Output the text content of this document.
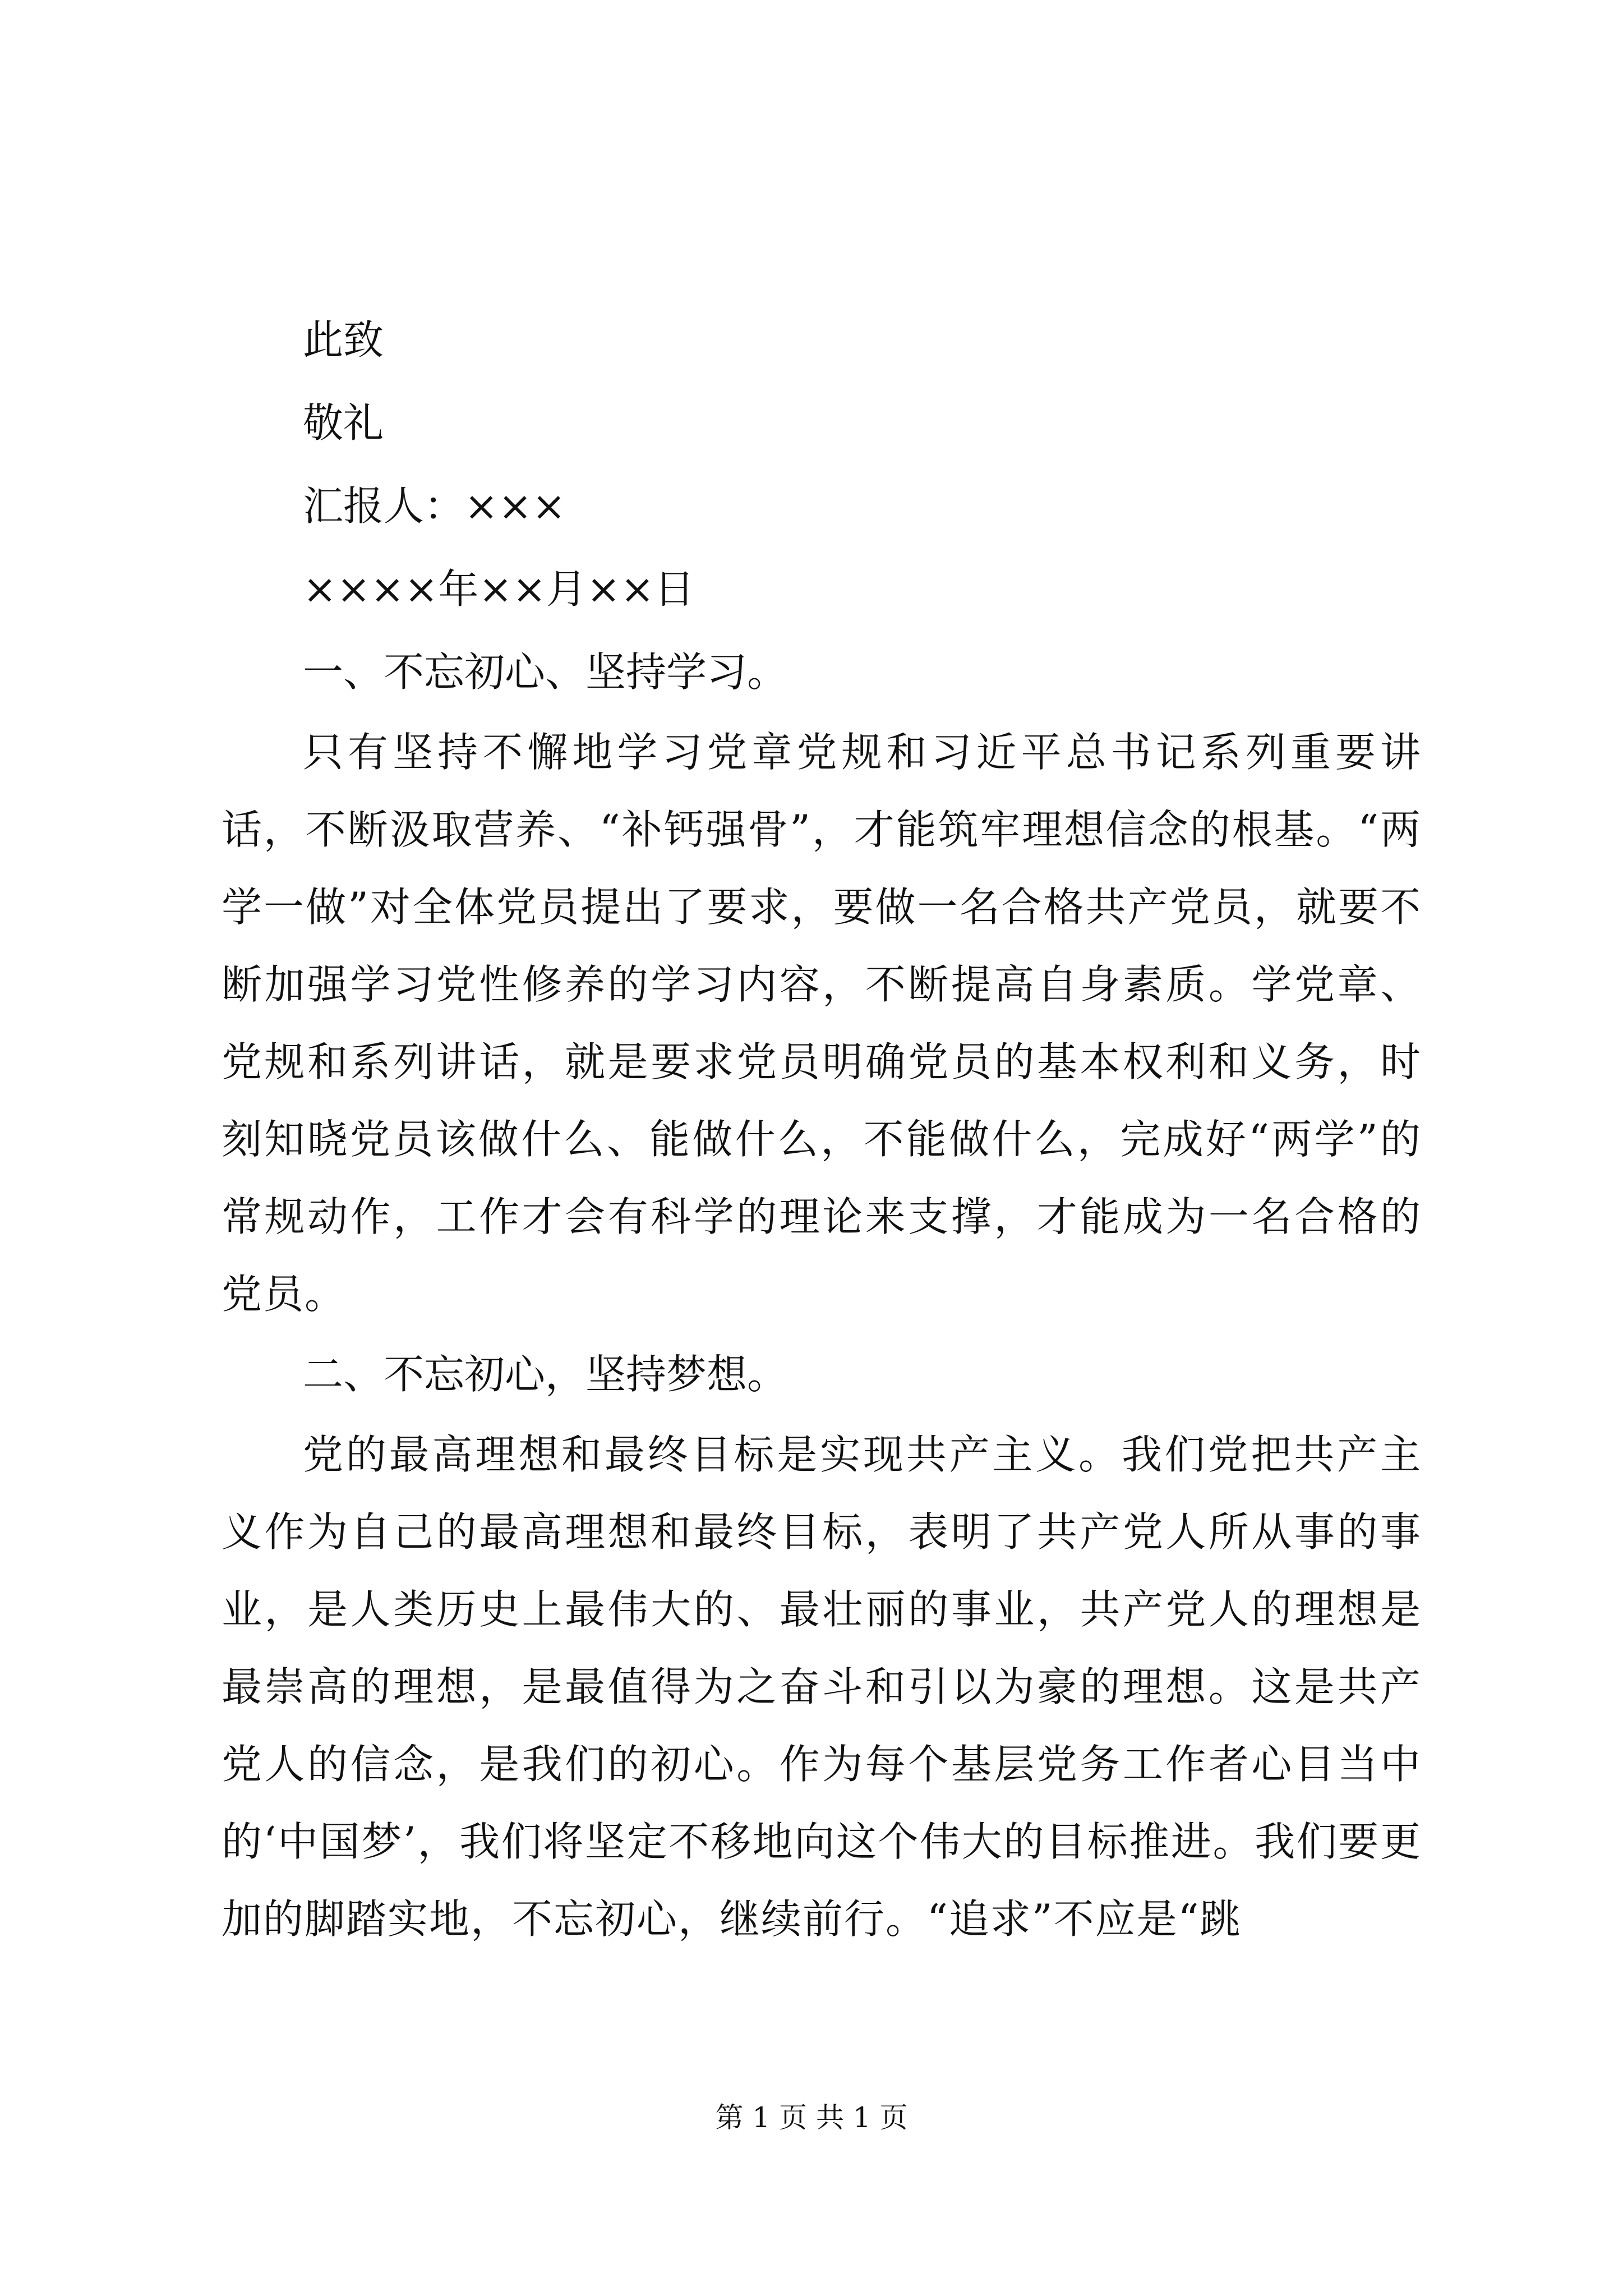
此致
敬礼
汇报人：×××
××××年××月××日
一、不忘初心、坚持学习。

只有坚持不懈地学习党章党规和习近平总书记系列重要讲话，不断汲取营养、“补钙强骨”，才能筑牢理想信念的根基。“两学一做”对全体党员提出了要求，要做一名合格共产党员，就要不断加强学习党性修养的学习内容，不断提高自身素质。学党章、党规和系列讲话，就是要求党员明确党员的基本权利和义务，时刻知晓党员该做什么、能做什么，不能做什么，完成好“两学”的常规动作，工作才会有科学的理论来支撑，才能成为一名合格的党员。

二、不忘初心，坚持梦想。

党的最高理想和最终目标是实现共产主义。我们党把共产主义作为自己的最高理想和最终目标，表明了共产党人所从事的事业，是人类历史上最伟大的、最壮丽的事业，共产党人的理想是最崇高的理想，是最值得为之奋斗和引以为豪的理想。这是共产党人的信念，是我们的初心。作为每个基层党务工作者心目当中的‘中国梦’，我们将坚定不移地向这个伟大的目标推进。我们要更加的脚踏实地，不忘初心，继续前行。“追求”不应是“跳

第 1 页 共 1 页
